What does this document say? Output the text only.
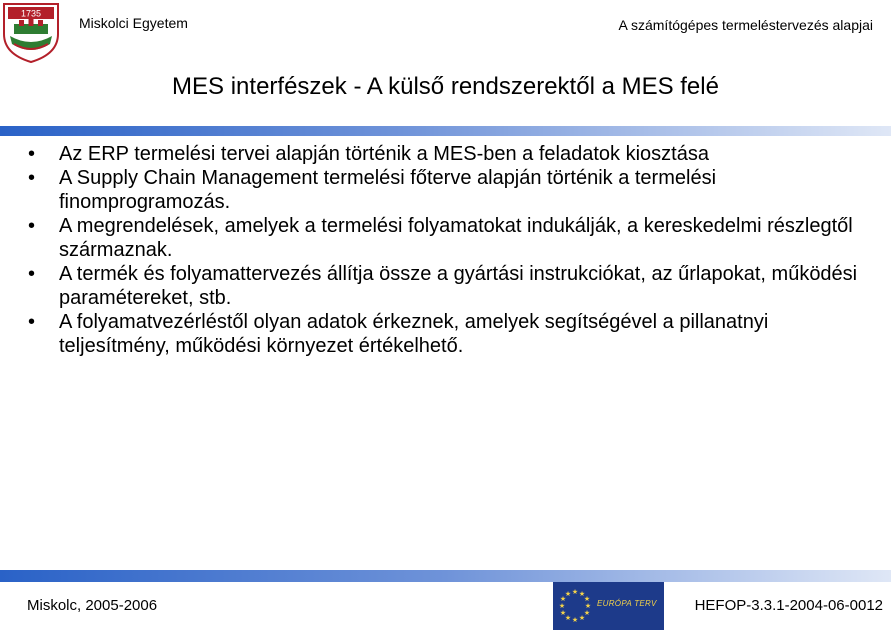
1735
Miskolci Egyetem	A számítógépes termeléstervezés alapjai
MES interfészek - A külső rendszerektől a MES felé
•	Az ERP termelési tervei alapján történik a MES-ben a feladatok kiosztása
•	A Supply Chain Management termelési főterve alapján történik a termelési finomprogramozás.
•	A megrendelések, amelyek a termelési folyamatokat indukálják, a kereskedelmi részlegtől származnak.
•	A termék és folyamattervezés állítja össze a gyártási instrukciókat, az űrlapokat, működési paramétereket, stb.
•	A folyamatvezérléstől olyan adatok érkeznek, amelyek segítségével a pillanatnyi teljesítmény, működési környezet értékelhető.
Miskolc, 2005-2006
★ ★
★
★
★
★
★
★
★
★
★
★
EURÓPA TERV	HEFOP-3.3.1-2004-06-0012
